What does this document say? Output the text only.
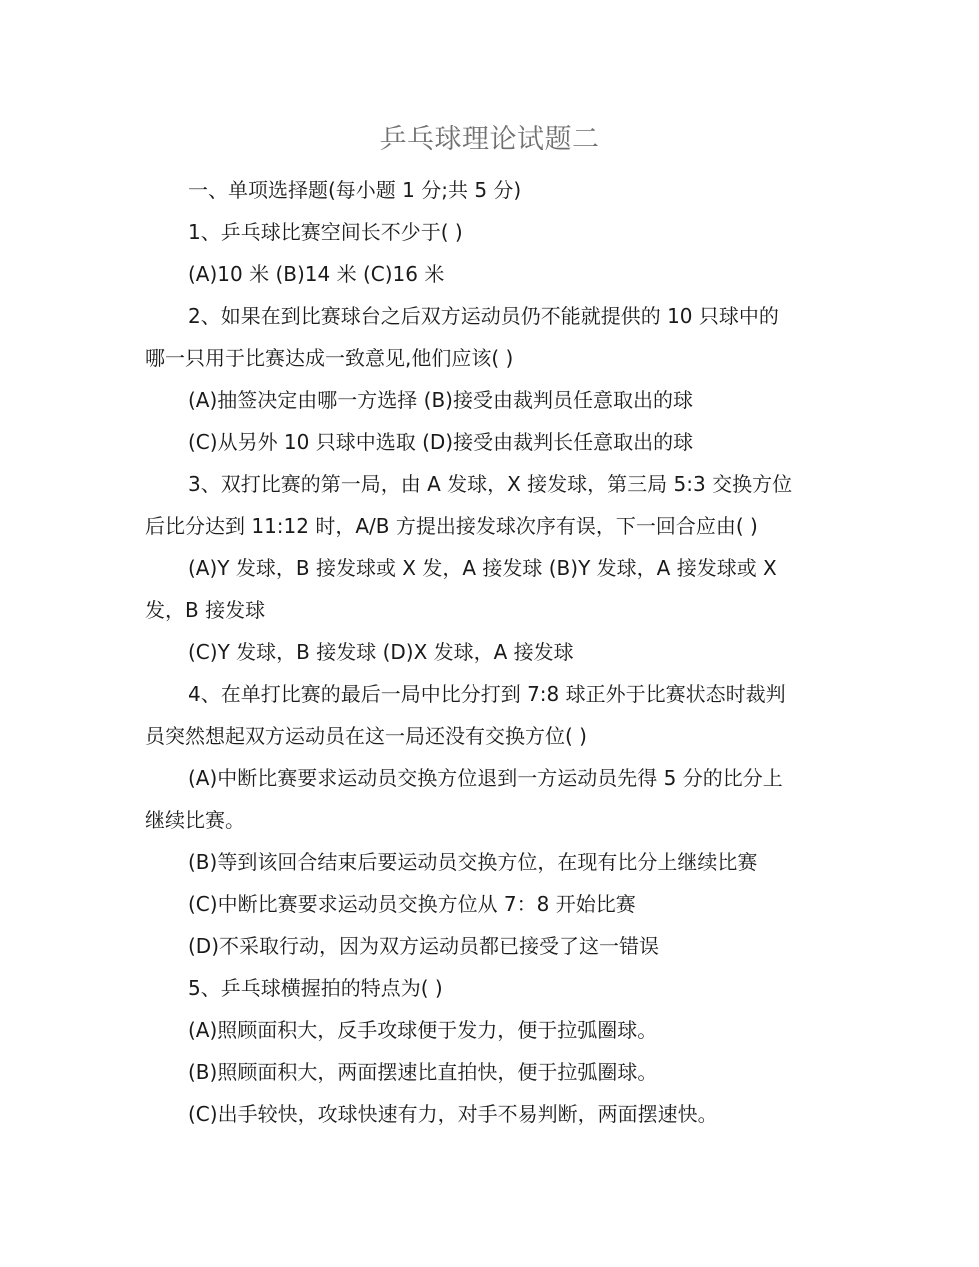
乒乓球理论试题二

一、单项选择题(每小题 1 分;共 5 分)

1、乒乓球比赛空间长不少于( )

(A)10 米 (B)14 米 (C)16 米

2、如果在到比赛球台之后双方运动员仍不能就提供的 10 只球中的

哪一只用于比赛达成一致意见,他们应该( )

(A)抽签决定由哪一方选择 (B)接受由裁判员任意取出的球

(C)从另外 10 只球中选取 (D)接受由裁判长任意取出的球

3、双打比赛的第一局，由 A 发球，X 接发球，第三局 5:3 交换方位

后比分达到 11:12 时，A/B 方提出接发球次序有误，下一回合应由( )

(A)Y 发球，B 接发球或 X 发，A 接发球 (B)Y 发球，A 接发球或 X

发，B 接发球

(C)Y 发球，B 接发球 (D)X 发球，A 接发球

4、在单打比赛的最后一局中比分打到 7:8 球正外于比赛状态时裁判

员突然想起双方运动员在这一局还没有交换方位( )

(A)中断比赛要求运动员交换方位退到一方运动员先得 5 分的比分上

继续比赛。

(B)等到该回合结束后要运动员交换方位，在现有比分上继续比赛

(C)中断比赛要求运动员交换方位从 7：8 开始比赛

(D)不采取行动，因为双方运动员都已接受了这一错误

5、乒乓球横握拍的特点为( )

(A)照顾面积大，反手攻球便于发力，便于拉弧圈球。

(B)照顾面积大，两面摆速比直拍快，便于拉弧圈球。

(C)出手较快，攻球快速有力，对手不易判断，两面摆速快。
